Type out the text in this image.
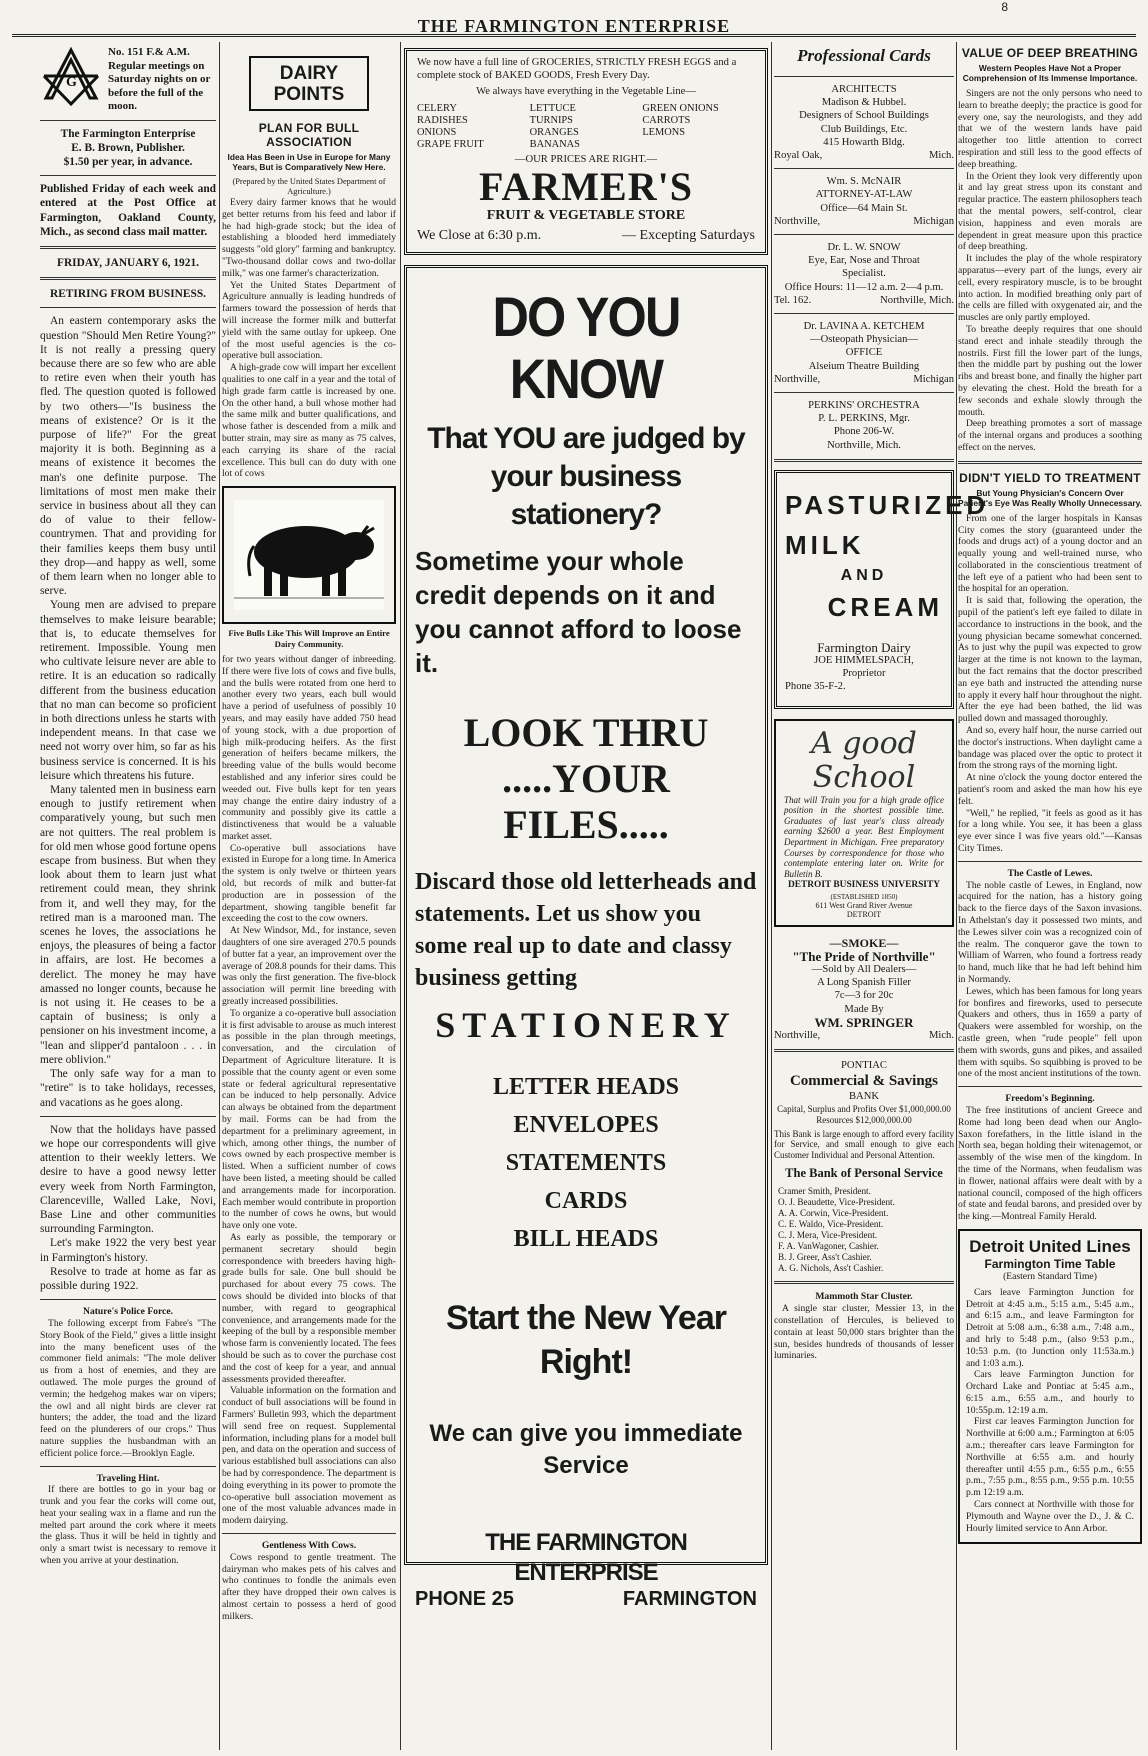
8
THE FARMINGTON ENTERPRISE
G
No. 151 F.& A.M.
Regular meetings on Saturday nights on or before the full of the moon.
The Farmington Enterprise
E. B. Brown, Publisher.
$1.50 per year, in advance.
Published Friday of each week and entered at the Post Office at Farmington, Oakland County, Mich., as second class mail matter.
FRIDAY, JANUARY 6, 1921.
RETIRING FROM BUSINESS.
An eastern contemporary asks the question "Should Men Retire Young?" It is not really a pressing query because there are so few who are able to retire even when their youth has fled. The question quoted is followed by two others—"Is business the means of existence? Or is it the purpose of life?" For the great majority it is both. Beginning as a means of existence it becomes the man's one definite purpose. The limitations of most men make their service in business about all they can do of value to their fellow-countrymen. That and providing for their families keeps them busy until they drop—and happy as well, some of them learn when no longer able to serve.
Young men are advised to prepare themselves to make leisure bearable; that is, to educate themselves for retirement. Impossible. Young men who cultivate leisure never are able to retire. It is an education so radically different from the business education that no man can become so proficient in both directions unless he starts with independent means. In that case we need not worry over him, so far as his business service is concerned. It is his leisure which threatens his future.
Many talented men in business earn enough to justify retirement when comparatively young, but such men are not quitters. The real problem is for old men whose good fortune opens escape from business. But when they look about them to learn just what retirement could mean, they shrink from it, and well they may, for the retired man is a marooned man. The scenes he loves, the associations he enjoys, the pleasures of being a factor in affairs, are lost. He becomes a derelict. The money he may have amassed no longer counts, because he is not using it. He ceases to be a captain of business; is only a pensioner on his investment income, a "lean and slipper'd pantaloon . . . in mere oblivion."
The only safe way for a man to "retire" is to take holidays, recesses, and vacations as he goes along.
Now that the holidays have passed we hope our correspondents will give attention to their weekly letters. We desire to have a good newsy letter every week from North Farmington, Clarenceville, Walled Lake, Novi, Base Line and other communities surrounding Farmington.
Let's make 1922 the very best year in Farmington's history.
Resolve to trade at home as far as possible during 1922.
Nature's Police Force.
The following excerpt from Fabre's "The Story Book of the Field," gives a little insight into the many beneficent uses of the commoner field animals: "The mole deliver us from a host of enemies, and they are outlawed. The mole purges the ground of vermin; the hedgehog makes war on vipers; the owl and all night birds are clever rat hunters; the adder, the toad and the lizard feed on the plunderers of our crops." Thus nature supplies the husbandman with an efficient police force.—Brooklyn Eagle.
Traveling Hint.
If there are bottles to go in your bag or trunk and you fear the corks will come out, heat your sealing wax in a flame and run the melted part around the cork where it meets the glass. Thus it will be held in tightly and only a smart twist is necessary to remove it when you arrive at your destination.
DAIRY POINTS
PLAN FOR BULL ASSOCIATION
Idea Has Been in Use in Europe for Many Years, But is Comparatively New Here.
(Prepared by the United States Department of Agriculture.)
Every dairy farmer knows that he would get better returns from his feed and labor if he had high-grade stock; but the idea of establishing a blooded herd immediately suggests "old glory" farming and bankruptcy. "Two-thousand dollar cows and two-dollar milk," was one farmer's characterization.
Yet the United States Department of Agriculture annually is leading hundreds of farmers toward the possession of herds that will increase the former milk and butterfat yield with the same outlay for upkeep. One of the most useful agencies is the co-operative bull association.
A high-grade cow will impart her excellent qualities to one calf in a year and the total of high grade farm cattle is increased by one. On the other hand, a bull whose mother had the same milk and butter qualifications, and whose father is descended from a milk and butter strain, may sire as many as 75 calves, each carrying its share of the racial excellence. This bull can do duty with one lot of cows
Five Bulls Like This Will Improve an Entire Dairy Community.
for two years without danger of inbreeding. If there were five lots of cows and five bulls, and the bulls were rotated from one herd to another every two years, each bull would have a period of usefulness of possibly 10 years, and may easily have added 750 head of young stock, with a due proportion of high milk-producing heifers. As the first generation of heifers became milkers, the breeding value of the bulls would become established and any inferior sires could be weeded out. Five bulls kept for ten years may change the entire dairy industry of a community and possibly give its cattle a distinctiveness that would be a valuable market asset.
Co-operative bull associations have existed in Europe for a long time. In America the system is only twelve or thirteen years old, but records of milk and butter-fat production are in possession of the department, showing tangible benefit far exceeding the cost to the cow owners.
At New Windsor, Md., for instance, seven daughters of one sire averaged 270.5 pounds of butter fat a year, an improvement over the average of 208.8 pounds for their dams. This was only the first generation. The five-block association will permit line breeding with greatly increased possibilities.
To organize a co-operative bull association it is first advisable to arouse as much interest as possible in the plan through meetings, conversation, and the circulation of Department of Agriculture literature. It is possible that the county agent or even some state or federal agricultural representative can be induced to help personally. Advice can always be obtained from the department by mail. Forms can be had from the department for a preliminary agreement, in which, among other things, the number of cows owned by each prospective member is listed. When a sufficient number of cows have been listed, a meeting should be called and arrangements made for incorporation. Each member would contribute in proportion to the number of cows he owns, but would have only one vote.
As early as possible, the temporary or permanent secretary should begin correspondence with breeders having high-grade bulls for sale. One bull should be purchased for about every 75 cows. The cows should be divided into blocks of that number, with regard to geographical convenience, and arrangements made for the keeping of the bull by a responsible member whose farm is conveniently located. The fees should be such as to cover the purchase cost and the cost of keep for a year, and annual assessments provided thereafter.
Valuable information on the formation and conduct of bull associations will be found in Farmers' Bulletin 993, which the department will send free on request. Supplemental information, including plans for a model bull pen, and data on the operation and success of various established bull associations can also be had by correspondence. The department is doing everything in its power to promote the co-operative bull association movement as one of the most valuable advances made in modern dairying.
Gentleness With Cows.
Cows respond to gentle treatment. The dairyman who makes pets of his calves and who continues to fondle the animals even after they have dropped their own calves is almost certain to possess a herd of good milkers.
We now have a full line of GROCERIES, STRICTLY FRESH EGGS and a complete stock of BAKED GOODS, Fresh Every Day.
We always have everything in the Vegetable Line—
CELERY	LETTUCE	GREEN ONIONS
RADISHES	TURNIPS	CARROTS
ONIONS	ORANGES	LEMONS
GRAPE FRUIT	BANANAS
—OUR PRICES ARE RIGHT.—
FARMER'S
FRUIT & VEGETABLE STORE
We Close at 6:30 p.m.	— Excepting Saturdays
DO YOU KNOW
That YOU are judged by your business stationery?
Sometime your whole credit depends on it and you cannot afford to loose it.
LOOK THRU .....YOUR FILES.....
Discard those old letterheads and statements. Let us show you some real up to date and classy business getting
STATIONERY
LETTER HEADS
ENVELOPES
STATEMENTS
CARDS
BILL HEADS
Start the New Year Right!
We can give you immediate Service
THE FARMINGTON ENTERPRISE
PHONE 25	FARMINGTON
Professional Cards
ARCHITECTS
Madison & Hubbel.
Designers of School Buildings
Club Buildings, Etc.
415 Howarth Bldg.
Royal Oak,	Mich.
Wm. S. McNAIR
ATTORNEY-AT-LAW
Office—64 Main St.
Northville,	Michigan
Dr. L. W. SNOW
Eye, Ear, Nose and Throat
Specialist.
Office Hours: 11—12 a.m. 2—4 p.m.
Tel. 162.	Northville, Mich.
Dr. LAVINA A. KETCHEM
—Osteopath Physician—
OFFICE
Alseium Theatre Building
Northville,	Michigan
PERKINS' ORCHESTRA
P. L. PERKINS, Mgr.
Phone 206-W.
Northville, Mich.
PASTURIZED
MILK
AND
CREAM
Farmington Dairy
JOE HIMMELSPACH,
Proprietor
Phone 35-F-2.
A good School
That will Train you for a high grade office position in the shortest possible time. Graduates of last year's class already earning $2600 a year. Best Employment Department in Michigan. Free preparatory Courses by correspondence for those who contemplate entering later on. Write for Bulletin B.
DETROIT BUSINESS UNIVERSITY
(ESTABLISHED 1850)
611 West Grand River Avenue
DETROIT
—SMOKE—
"The Pride of Northville"
—Sold by All Dealers—
A Long Spanish Filler
7c—3 for 20c
Made By
WM. SPRINGER
Northville,	Mich.
PONTIAC
Commercial & Savings
BANK
Capital, Surplus and Profits Over $1,000,000.00
Resources $12,000,000.00
This Bank is large enough to afford every facility for Service, and small enough to give each Customer Individual and Personal Attention.
The Bank of Personal Service
Cramer Smith, President.
O. J. Beaudette, Vice-President.
A. A. Corwin, Vice-President.
C. E. Waldo, Vice-President.
C. J. Mera, Vice-President.
F. A. VanWagoner, Cashier.
B. J. Greer, Ass't Cashier.
A. G. Nichols, Ass't Cashier.
Mammoth Star Cluster.
A single star cluster, Messier 13, in the constellation of Hercules, is believed to contain at least 50,000 stars brighter than the sun, besides hundreds of thousands of lesser luminaries.
VALUE OF DEEP BREATHING
Western Peoples Have Not a Proper Comprehension of Its Immense Importance.
Singers are not the only persons who need to learn to breathe deeply; the practice is good for every one, say the neurologists, and they add that we of the western lands have paid altogether too little attention to correct respiration and still less to the good effects of deep breathing.
In the Orient they look very differently upon it and lay great stress upon its constant and regular practice. The eastern philosophers teach that the mental powers, self-control, clear vision, happiness and even morals are dependent in great measure upon this practice of deep breathing.
It includes the play of the whole respiratory apparatus—every part of the lungs, every air cell, every respiratory muscle, is to be brought into action. In modified breathing only part of the cells are filled with oxygenated air, and the muscles are only partly employed.
To breathe deeply requires that one should stand erect and inhale steadily through the nostrils. First fill the lower part of the lungs, then the middle part by pushing out the lower ribs and breast bone, and finally the higher part by elevating the chest. Hold the breath for a few seconds and exhale slowly through the mouth.
Deep breathing promotes a sort of massage of the internal organs and produces a soothing effect on the nerves.
DIDN'T YIELD TO TREATMENT
But Young Physician's Concern Over Patient's Eye Was Really Wholly Unnecessary.
From one of the larger hospitals in Kansas City comes the story (guaranteed under the foods and drugs act) of a young doctor and an equally young and well-trained nurse, who collaborated in the conscientious treatment of the left eye of a patient who had been sent to the hospital for an operation.
It is said that, following the operation, the pupil of the patient's left eye failed to dilate in accordance to instructions in the book, and the young physician became somewhat concerned. As to just why the pupil was expected to grow larger at the time is not known to the layman, but the fact remains that the doctor prescribed an eye bath and instructed the attending nurse to apply it every half hour throughout the night. After the eye had been bathed, the lid was pulled down and massaged thoroughly.
And so, every half hour, the nurse carried out the doctor's instructions. When daylight came a bandage was placed over the optic to protect it from the strong rays of the morning light.
At nine o'clock the young doctor entered the patient's room and asked the man how his eye felt.
"Well," he replied, "it feels as good as it has for a long while. You see, it has been a glass eye ever since I was five years old."—Kansas City Times.
The Castle of Lewes.
The noble castle of Lewes, in England, now acquired for the nation, has a history going back to the fierce days of the Saxon invasions. In Athelstan's day it possessed two mints, and the Lewes silver coin was a recognized coin of the realm. The conqueror gave the town to William of Warren, who found a fortress ready to hand, much like that he had left behind him in Normandy.
Lewes, which has been famous for long years for bonfires and fireworks, used to persecute Quakers and others, thus in 1659 a party of Quakers were assembled for worship, on the castle green, when "rude people" fell upon them with swords, guns and pikes, and assailed them with squibs. So squibbing is proved to be one of the most ancient institutions of the town.
Freedom's Beginning.
The free institutions of ancient Greece and Rome had long been dead when our Anglo-Saxon forefathers, in the little island in the North sea, began holding their witenagemot, or assembly of the wise men of the kingdom. In the time of the Normans, when feudalism was in flower, national affairs were dealt with by a national council, composed of the high officers of state and feudal barons, and presided over by the king.—Montreal Family Herald.
Detroit United Lines
Farmington Time Table
(Eastern Standard Time)
Cars leave Farmington Junction for Detroit at 4:45 a.m., 5:15 a.m., 5:45 a.m., and 6:15 a.m., and leave Farmington for Detroit at 5:08 a.m., 6:38 a.m., 7:48 a.m., and hrly to 5:48 p.m., (also 9:53 p.m., 10:53 p.m. (to Junction only 11:53a.m.) and 1:03 a.m.).
Cars leave Farmington Junction for Orchard Lake and Pontiac at 5:45 a.m., 6:15 a.m., 6:55 a.m., and hourly to 10:55p.m. 12:19 a.m.
First car leaves Farmington Junction for Northville at 6:00 a.m.; Farmington at 6:05 a.m.; thereafter cars leave Farmington for Northville at 6:55 a.m. and hourly thereafter until 4:55 p.m., 6:55 p.m., 6:55 p.m., 7:55 p.m., 8:55 p.m., 9:55 p.m. 10:55 p.m 12:19 a.m.
Cars connect at Northville with those for Plymouth and Wayne over the D., J. & C. Hourly limited service to Ann Arbor.
